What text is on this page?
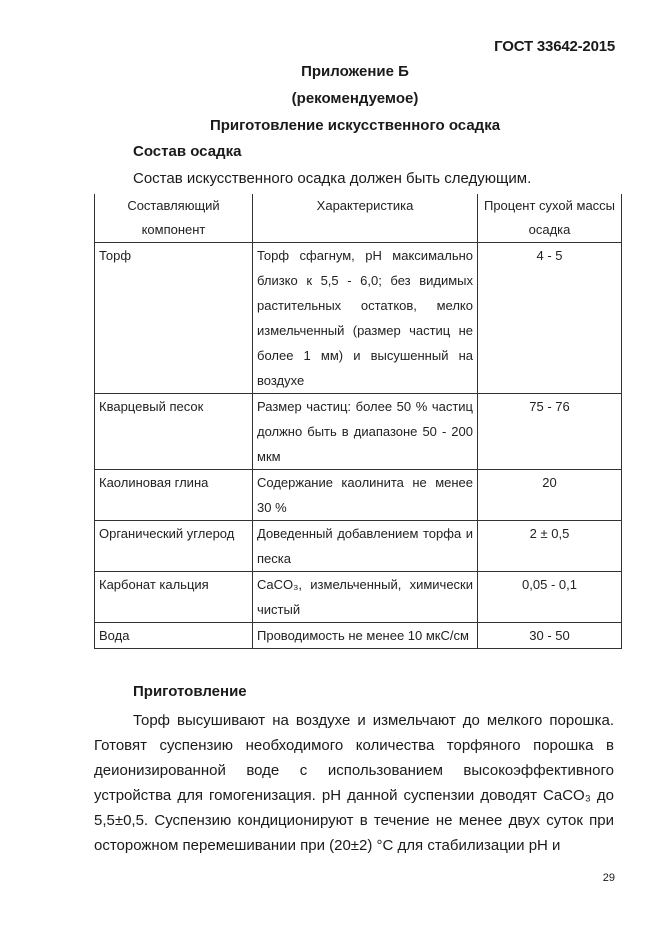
ГОСТ 33642-2015
Приложение Б
(рекомендуемое)
Приготовление искусственного осадка
Состав осадка
Состав искусственного осадка должен быть следующим.
Составляющий компонент	Характеристика	Процент сухой массы осадка
Торф	Торф сфагнум, pH максимально близко к 5,5 - 6,0; без видимых растительных остатков, мелко измельченный (размер частиц не более 1 мм) и высушенный на воздухе	4 - 5
Кварцевый песок	Размер частиц: более 50 % частиц должно быть в диапазоне 50 - 200 мкм	75 - 76
Каолиновая глина	Содержание каолинита не менее 30 %	20
Органический углерод	Доведенный добавлением торфа и песка	2 ± 0,5
Карбонат кальция	CaCO₃, измельченный, химически чистый	0,05 - 0,1
Вода	Проводимость не менее 10 мкС/см	30 - 50
Приготовление

Торф высушивают на воздухе и измельчают до мелкого порошка. Готовят суспензию необходимого количества торфяного порошка в деионизированной воде с использованием высокоэффективного устройства для гомогенизация. pH данной суспензии доводят CaCO₃ до 5,5±0,5. Суспензию кондиционируют в течение не менее двух суток при осторожном перемешивании при (20±2) °С для стабилизации pH и

29
